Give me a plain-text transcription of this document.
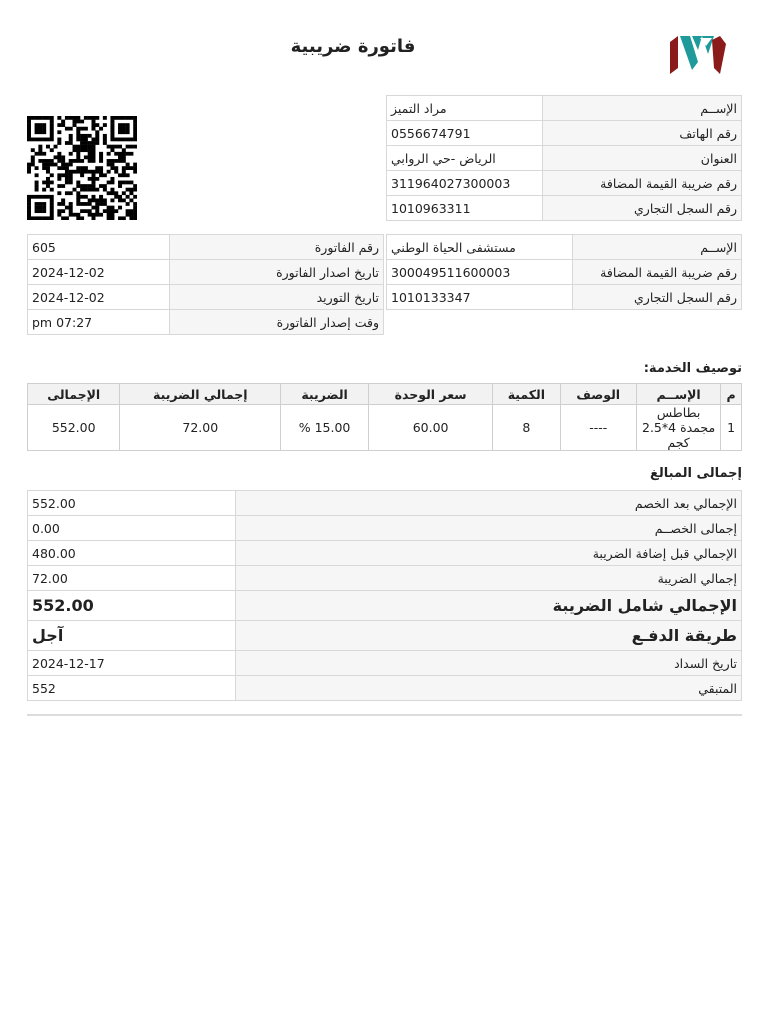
فاتورة ضريبية
الإســم	مراد التميز
رقم الهاتف	0556674791
العنوان	الرياض -حي الروابي
رقم ضريبة القيمة المضافة	311964027300003
رقم السجل التجاري	1010963311
الإســم	مستشفى الحياة الوطني
رقم ضريبة القيمة المضافة	300049511600003
رقم السجل التجاري	1010133347
رقم الفاتورة	605
تاريخ اصدار الفاتورة	2024-12-02
تاريخ التوريد	2024-12-02
وقت إصدار الفاتورة	pm 07:27
توصيف الخدمة:
م	الإســم	الوصف	الكمية	سعر الوحدة	الضريبة	إجمالي الضريبة	الإجمالى
1	بطاطس مجمدة 4*2.5 كجم	----	8	60.00	15.00 %	72.00	552.00
إجمالى المبالغ
الإجمالي بعد الخصم	552.00
إجمالى الخصــم	0.00
الإجمالي قبل إضافة الضريبة	480.00
إجمالي الضريبة	72.00
الإجمالي شامل الضريبة	552.00
طريقة الدفـع	آجل
تاريخ السداد	2024-12-17
المتبقي	552
